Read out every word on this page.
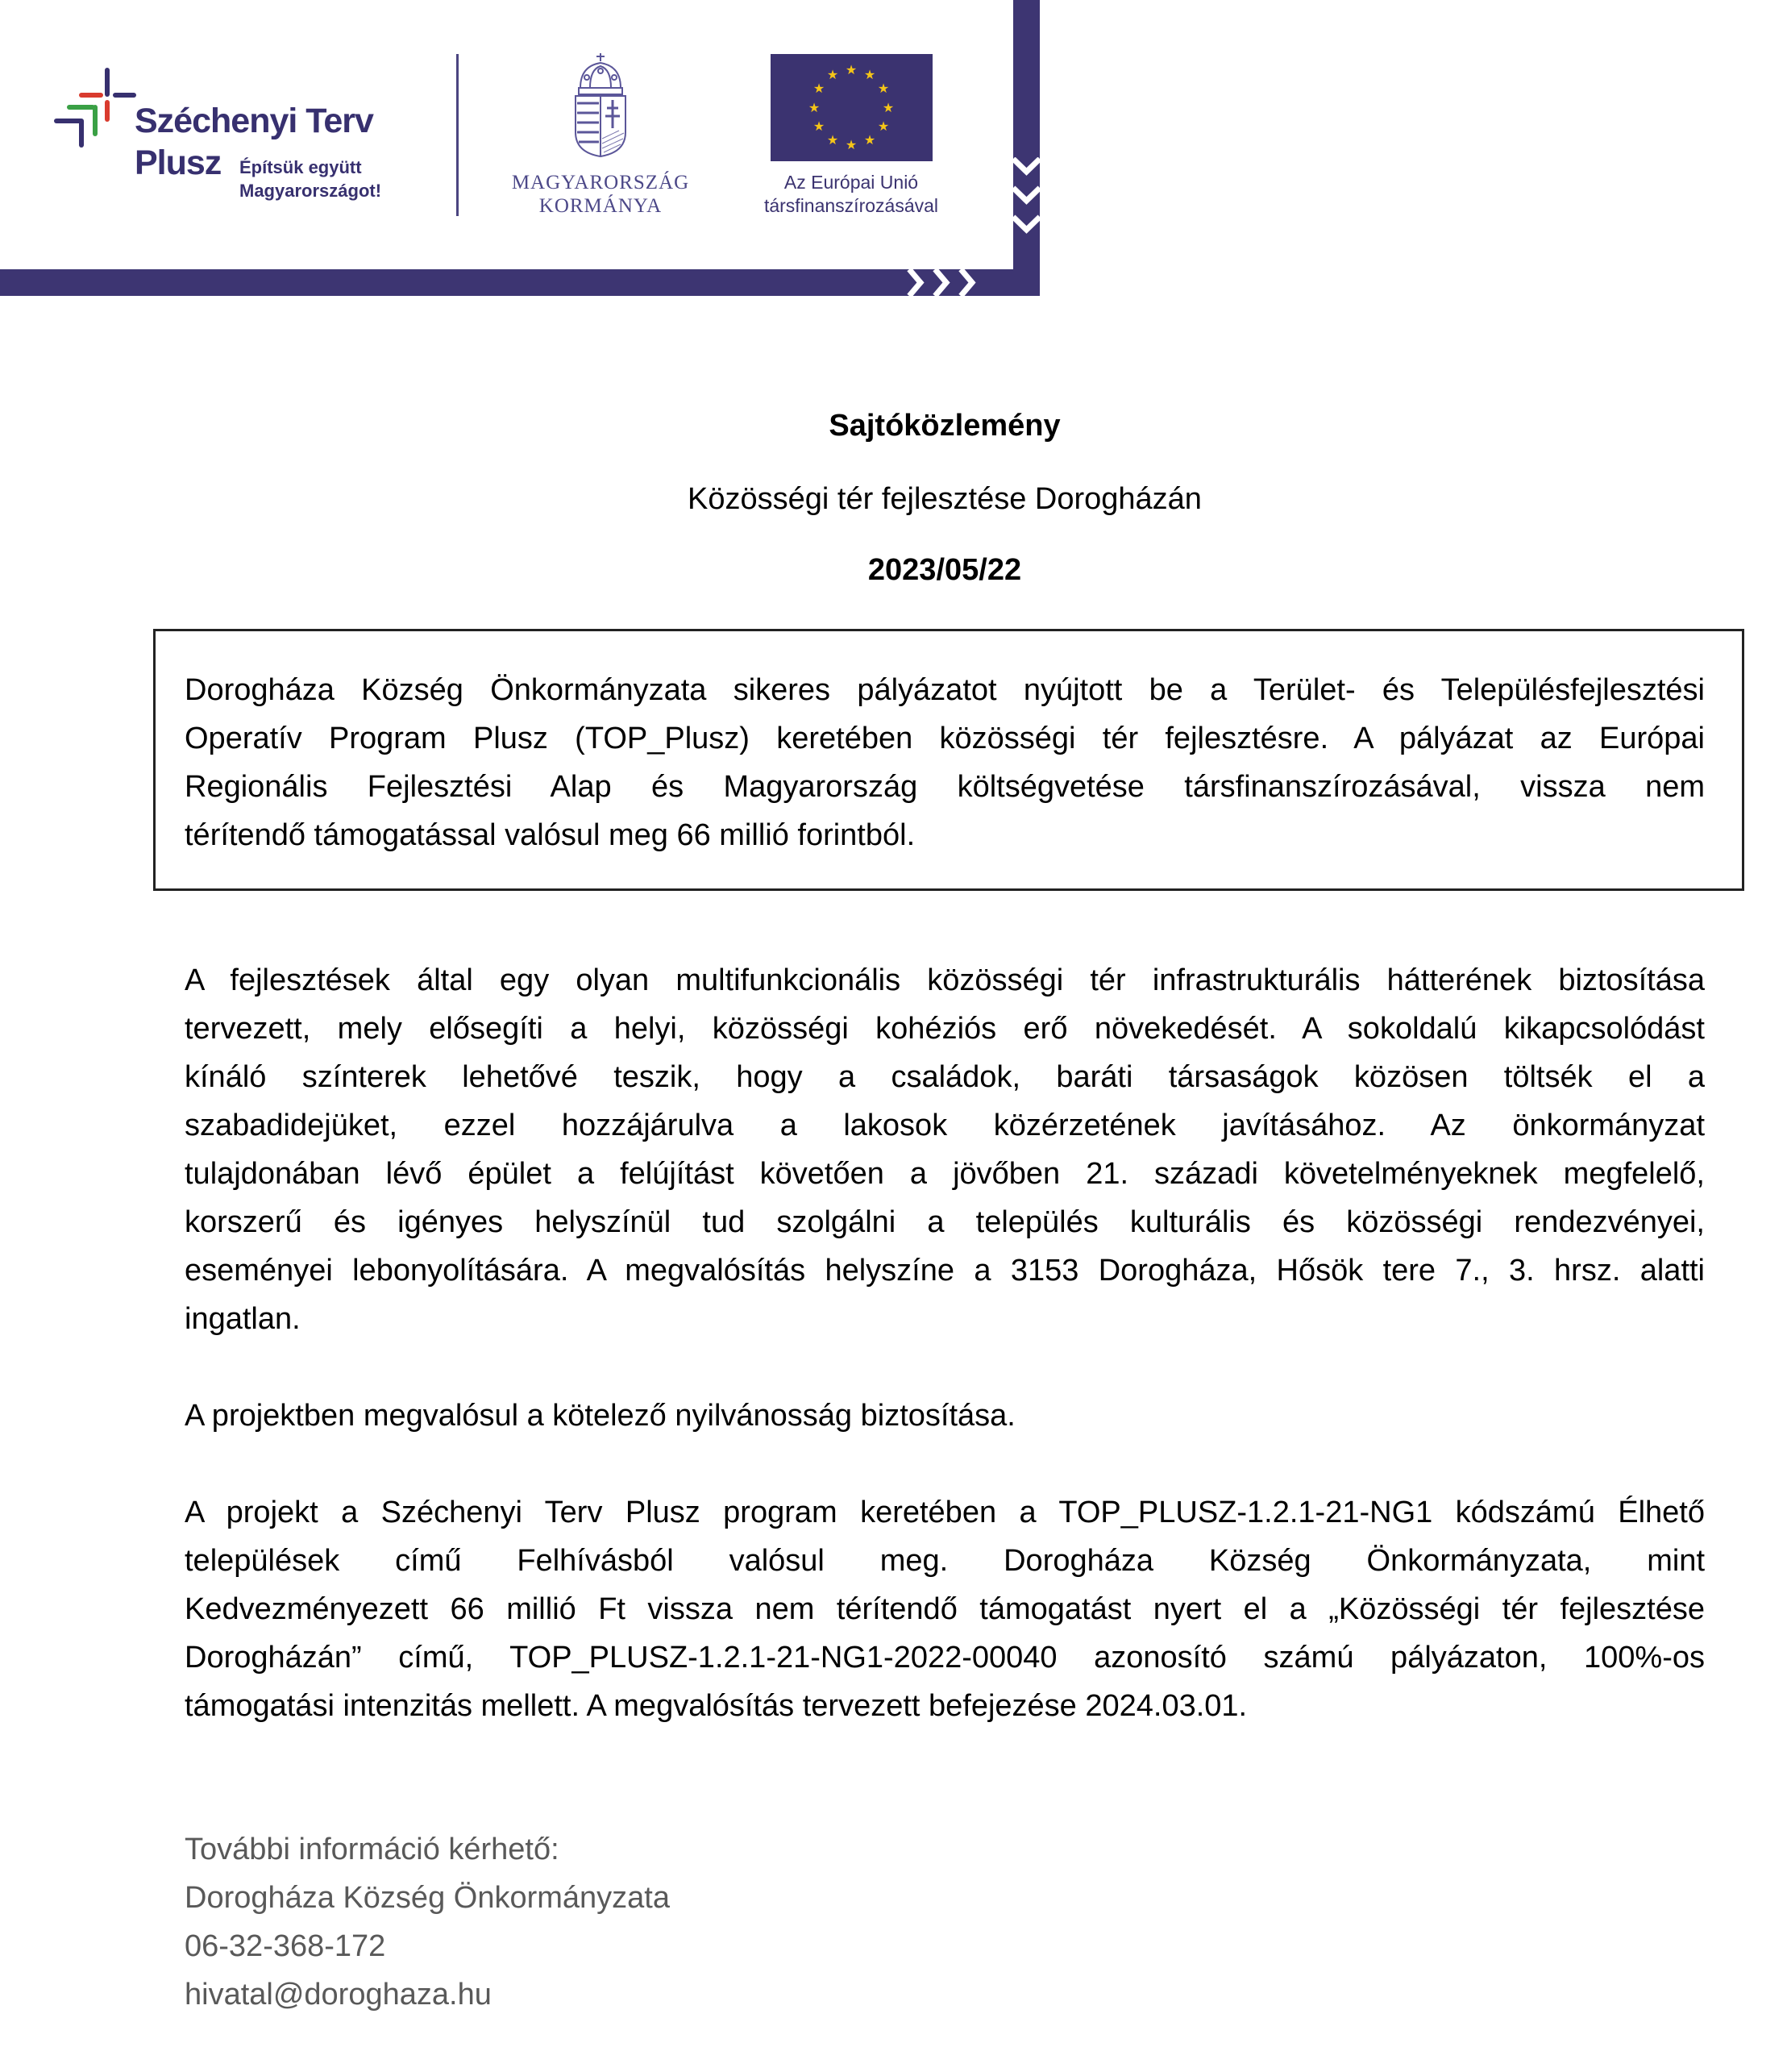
Széchenyi Terv
Plusz Építsük együtt
Magyarországot!	MAGYARORSZÁG
KORMÁNYA
★ ★
★
★
★
★
★
★
★
★
★
★
Az Európai Unió
társfinanszírozásával
Sajtóközlemény
Közösségi tér fejlesztése Dorogházán
2023/05/22
Dorogháza Község Önkormányzata sikeres pályázatot nyújtott be a Terület- és Településfejlesztési
Operatív Program Plusz (TOP_Plusz) keretében közösségi tér fejlesztésre. A pályázat az Európai
Regionális Fejlesztési Alap és Magyarország költségvetése társfinanszírozásával, vissza nem
térítendő támogatással valósul meg 66 millió forintból.
A fejlesztések által egy olyan multifunkcionális közösségi tér infrastrukturális hátterének biztosítása
tervezett, mely elősegíti a helyi, közösségi kohéziós erő növekedését. A sokoldalú kikapcsolódást
kínáló színterek lehetővé teszik, hogy a családok, baráti társaságok közösen töltsék el a
szabadidejüket, ezzel hozzájárulva a lakosok közérzetének javításához. Az önkormányzat
tulajdonában lévő épület a felújítást követően a jövőben 21. századi követelményeknek megfelelő,
korszerű és igényes helyszínül tud szolgálni a település kulturális és közösségi rendezvényei,
eseményei lebonyolítására. A megvalósítás helyszíne a 3153 Dorogháza, Hősök tere 7., 3. hrsz. alatti
ingatlan.
A projektben megvalósul a kötelező nyilvánosság biztosítása.
A projekt a Széchenyi Terv Plusz program keretében a TOP_PLUSZ-1.2.1-21-NG1 kódszámú Élhető
települések című Felhívásból valósul meg. Dorogháza Község Önkormányzata, mint
Kedvezményezett 66 millió Ft vissza nem térítendő támogatást nyert el a „Közösségi tér fejlesztése
Dorogházán” című, TOP_PLUSZ-1.2.1-21-NG1-2022-00040 azonosító számú pályázaton, 100%-os
támogatási intenzitás mellett. A megvalósítás tervezett befejezése 2024.03.01.
További információ kérhető:
Dorogháza Község Önkormányzata
06-32-368-172
hivatal@doroghaza.hu
